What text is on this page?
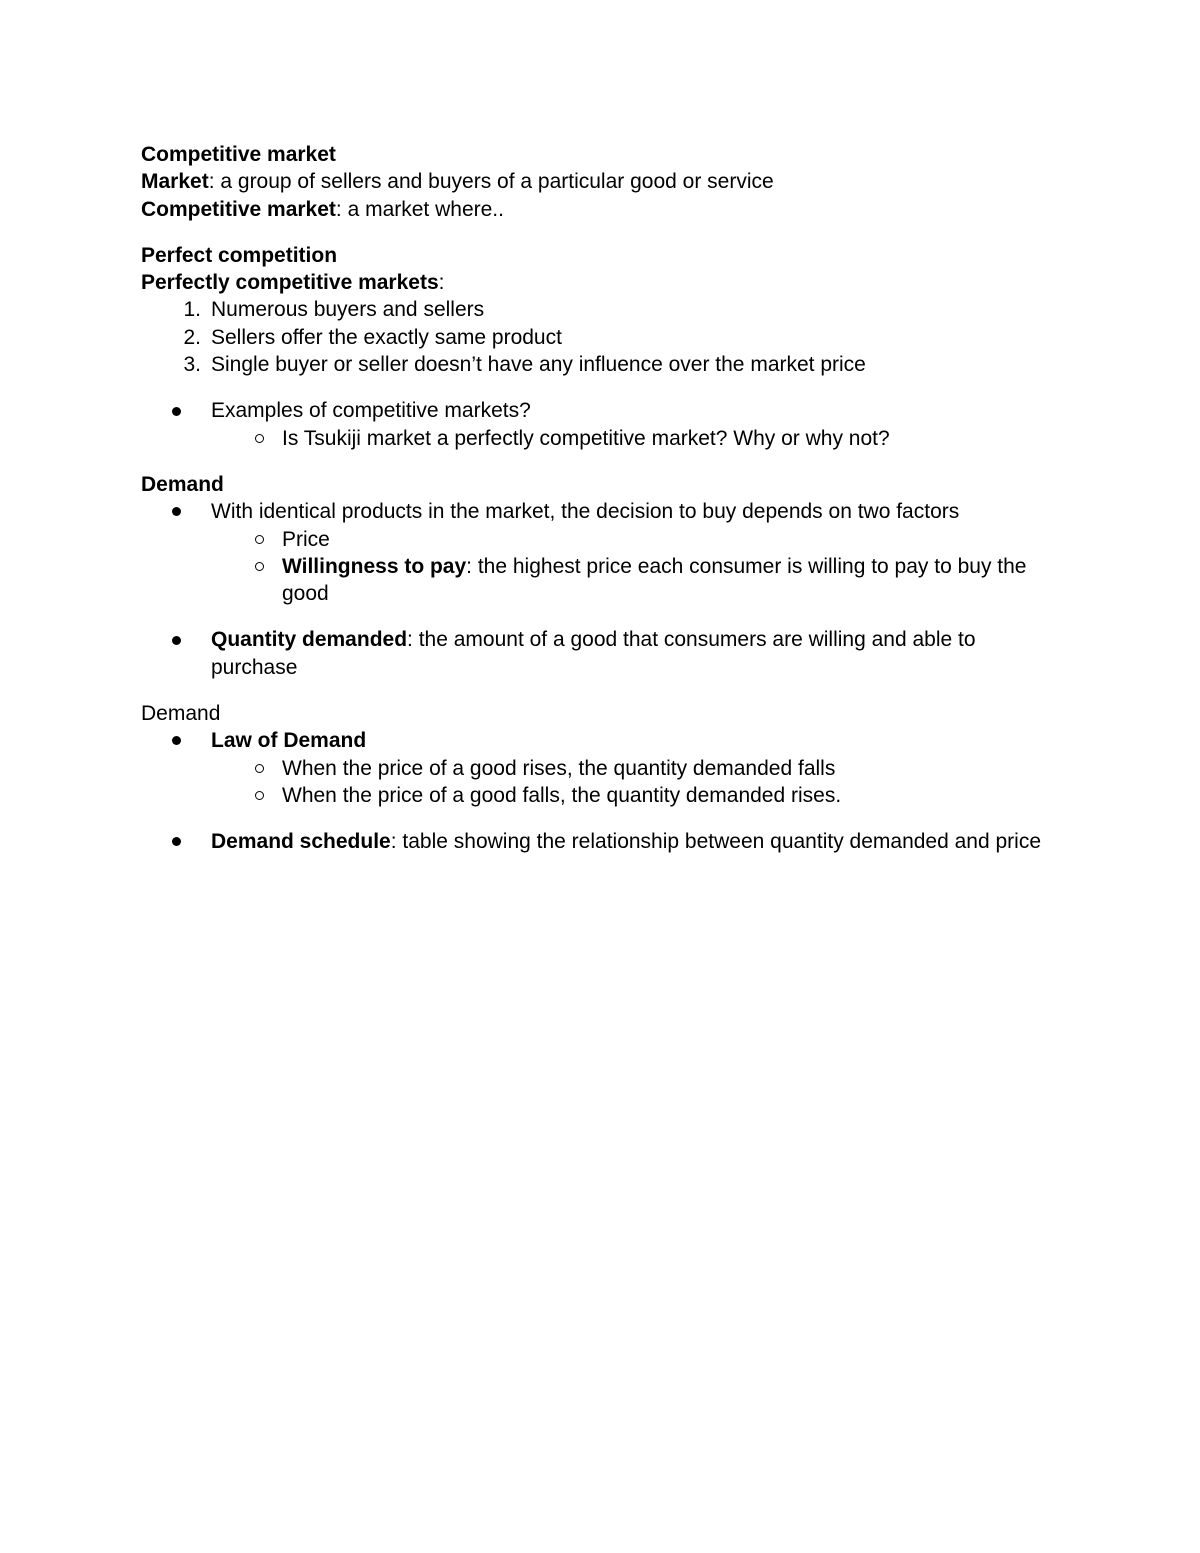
Competitive market
Market: a group of sellers and buyers of a particular good or service
Competitive market: a market where..
Perfect competition
Perfectly competitive markets:
1. Numerous buyers and sellers
2. Sellers offer the exactly same product
3. Single buyer or seller doesn’t have any influence over the market price
Examples of competitive markets?
Is Tsukiji market a perfectly competitive market? Why or why not?
Demand
With identical products in the market, the decision to buy depends on two factors
Price
Willingness to pay: the highest price each consumer is willing to pay to buy the good
Quantity demanded: the amount of a good that consumers are willing and able to purchase
Demand
Law of Demand
When the price of a good rises, the quantity demanded falls
When the price of a good falls, the quantity demanded rises.
Demand schedule: table showing the relationship between quantity demanded and price
